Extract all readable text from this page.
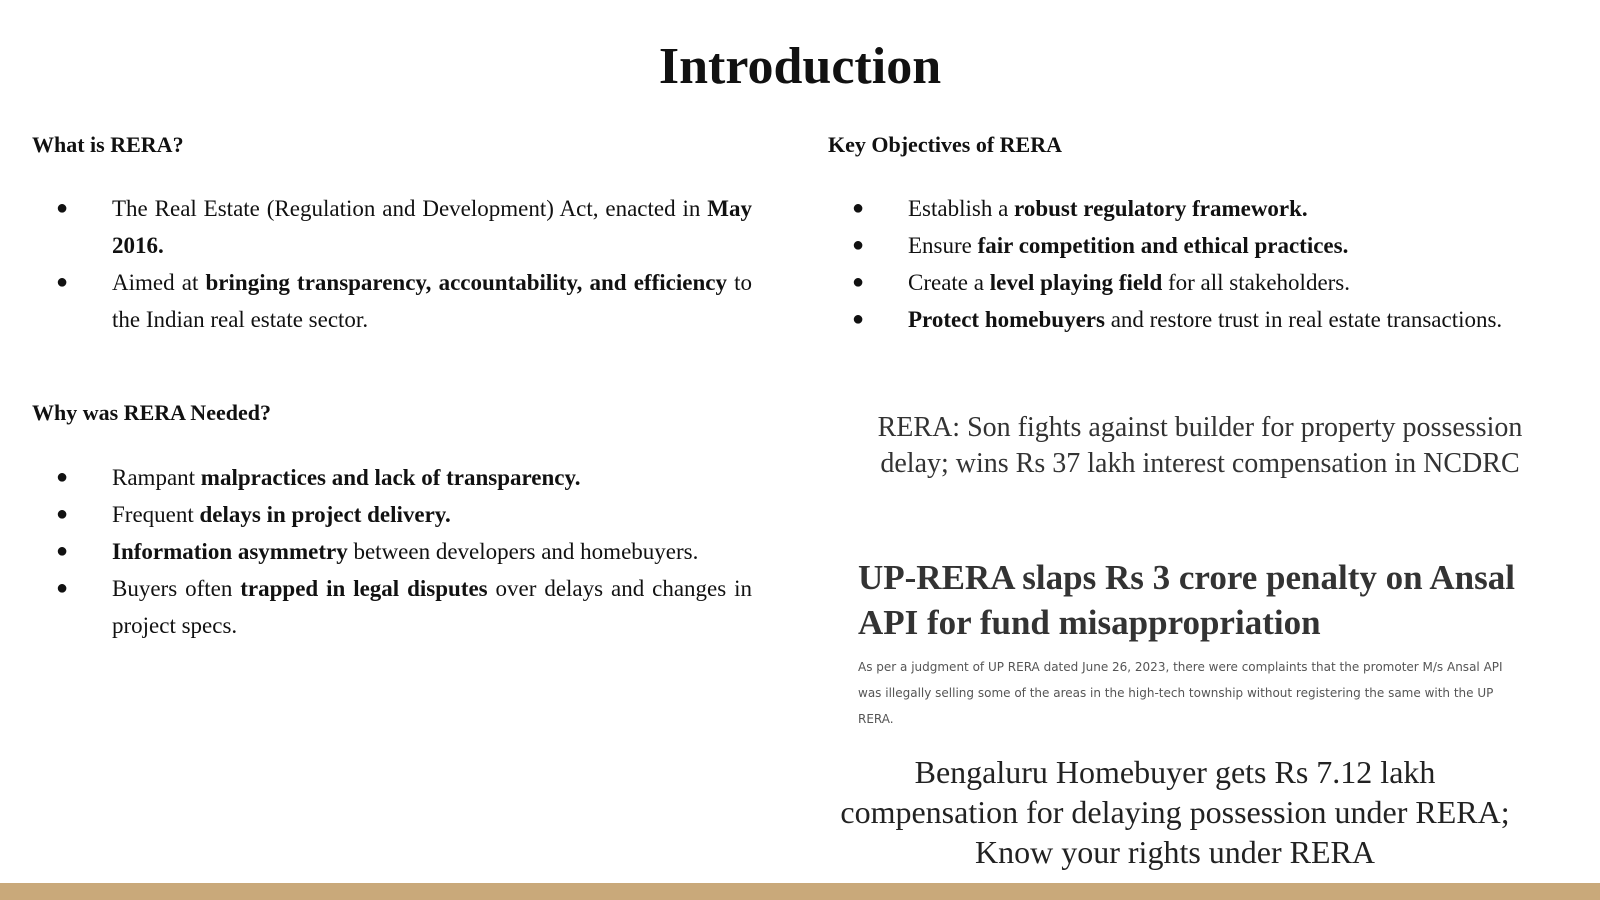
Introduction
What is RERA?
● The Real Estate (Regulation and Development) Act, enacted in May 2016.
● Aimed at bringing transparency, accountability, and efficiency to the Indian real estate sector.
Why was RERA Needed?
● Rampant malpractices and lack of transparency.
● Frequent delays in project delivery.
● Information asymmetry between developers and homebuyers.
● Buyers often trapped in legal disputes over delays and changes in project specs.
Key Objectives of RERA
● Establish a robust regulatory framework.
● Ensure fair competition and ethical practices.
● Create a level playing field for all stakeholders.
● Protect homebuyers and restore trust in real estate transactions.

RERA: Son fights against builder for property possession delay; wins Rs 37 lakh interest compensation in NCDRC

UP-RERA slaps Rs 3 crore penalty on Ansal API for fund misappropriation

As per a judgment of UP RERA dated June 26, 2023, there were complaints that the promoter M/s Ansal API was illegally selling some of the areas in the high-tech township without registering the same with the UP RERA.

Bengaluru Homebuyer gets Rs 7.12 lakh compensation for delaying possession under RERA; Know your rights under RERA
